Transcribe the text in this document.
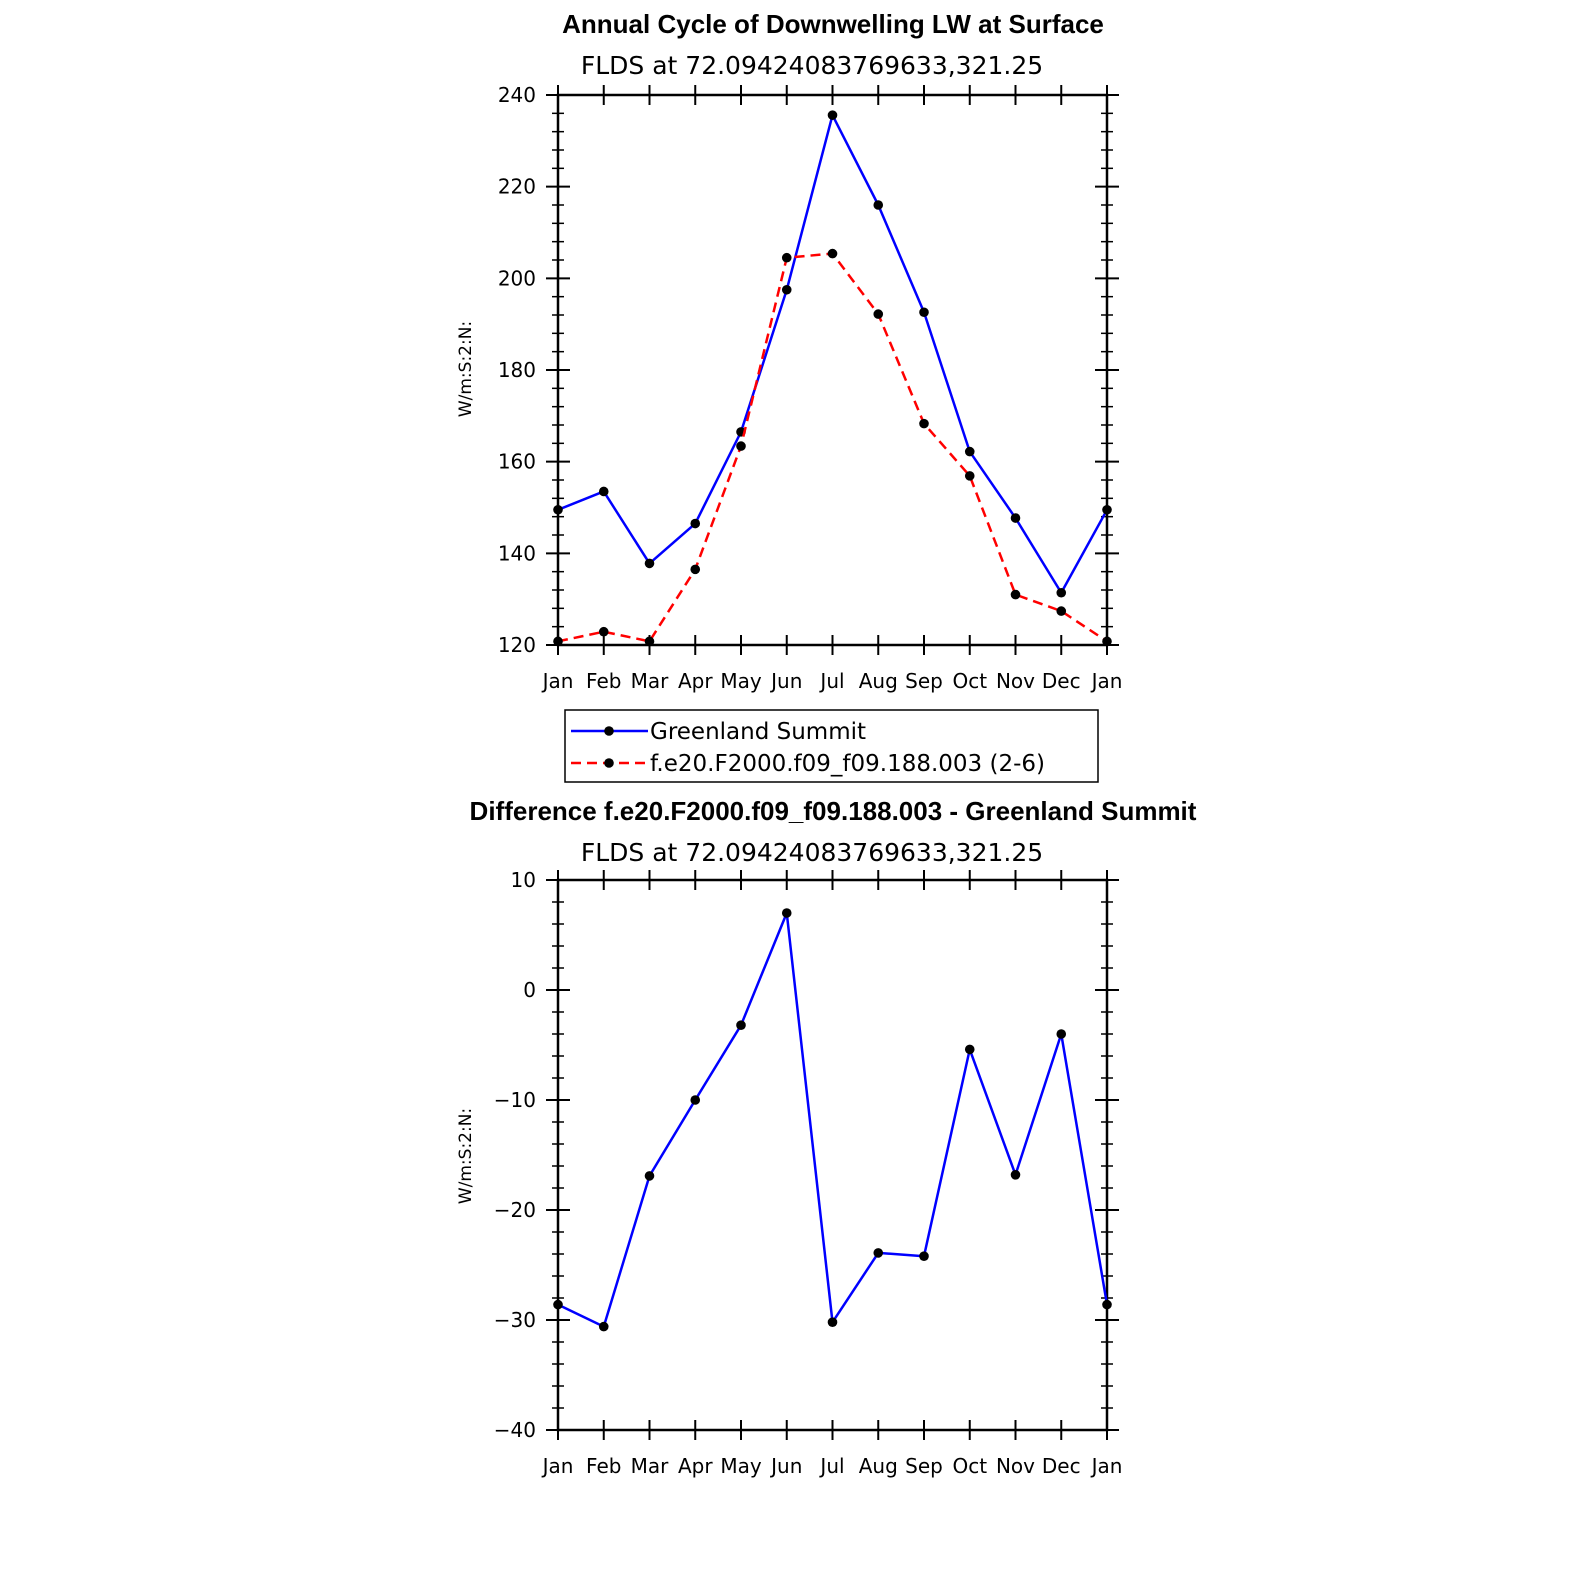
Annual Cycle of Downwelling LW at Surface
FLDS at 72.09424083769633,321.25
W/m:S:2:N:
Jan Feb Mar Apr May Jun Jul Aug Sep Oct Nov Dec Jan
120
140
160
180
200
220
240
Greenland Summit
f.e20.F2000.f09_f09.188.003 (2-6)
Difference f.e20.F2000.f09_f09.188.003 - Greenland Summit
FLDS at 72.09424083769633,321.25
W/m:S:2:N:
Jan Feb Mar Apr May Jun Jul Aug Sep Oct Nov Dec Jan
−40
−30
−20
−10
0
10
